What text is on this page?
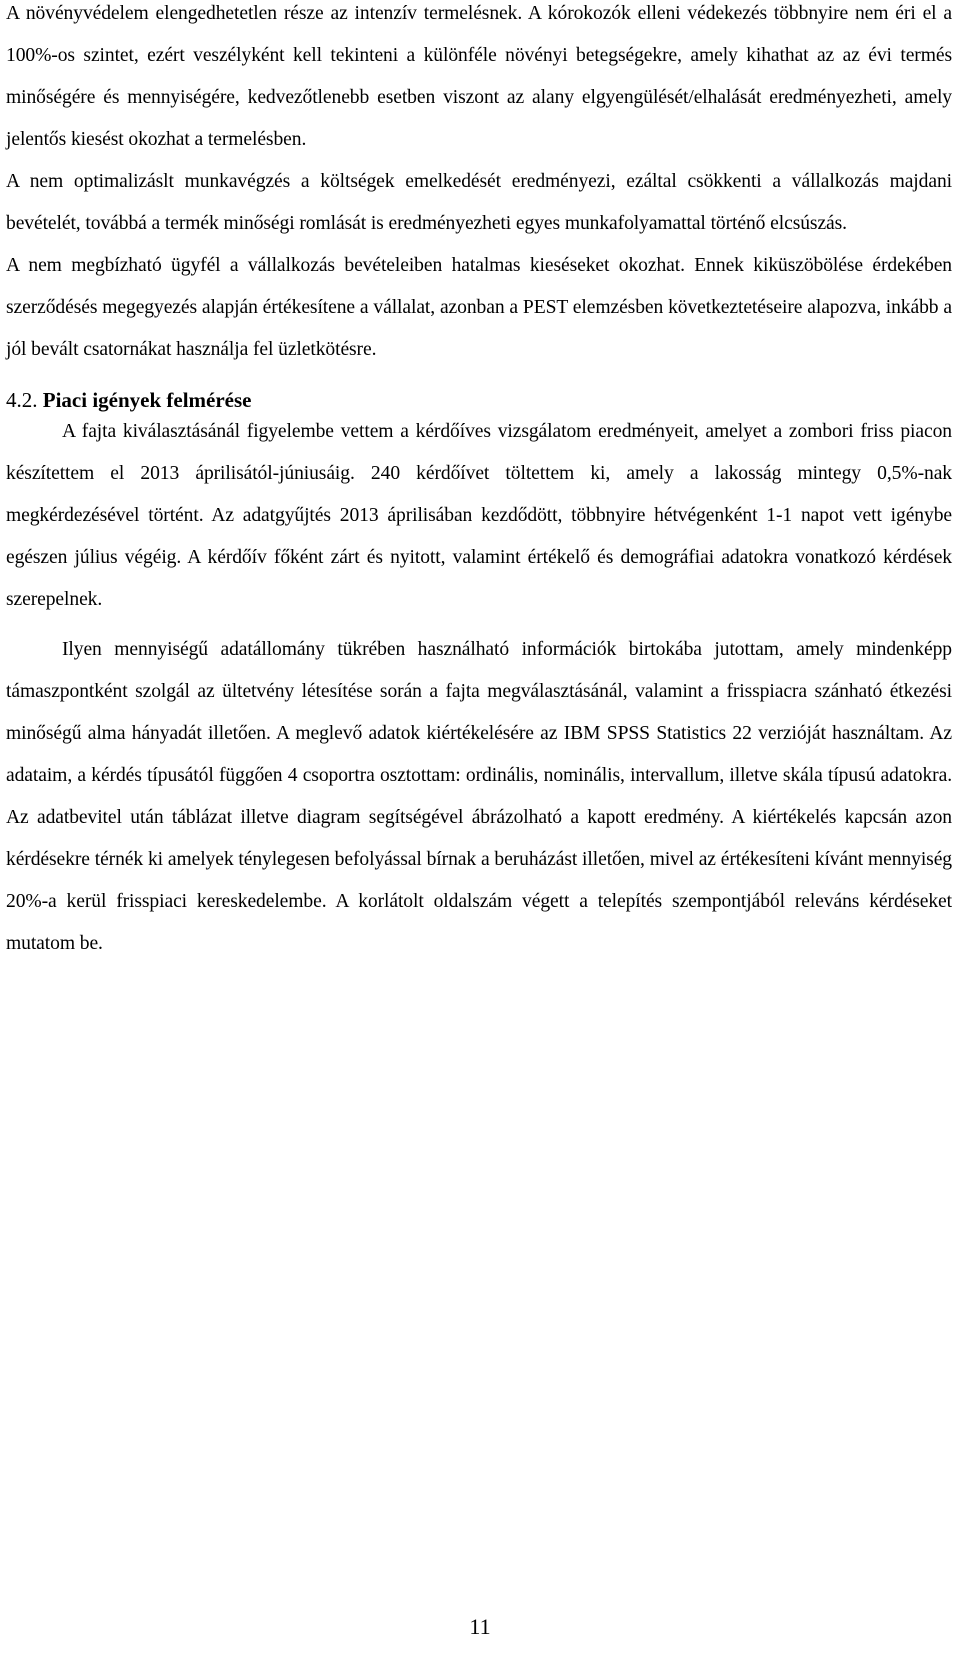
A növényvédelem elengedhetetlen része az intenzív termelésnek. A kórokozók elleni védekezés többnyire nem éri el a 100%-os szintet, ezért veszélyként kell tekinteni a különféle növényi betegségekre, amely kihathat az az évi termés minőségére és mennyiségére, kedvezőtlenebb esetben viszont az alany elgyengülését/elhalását eredményezheti, amely jelentős kiesést okozhat a termelésben.

A nem optimalizáslt munkavégzés a költségek emelkedését eredményezi, ezáltal csökkenti a vállalkozás majdani bevételét, továbbá a termék minőségi romlását is eredményezheti egyes munkafolyamattal történő elcsúszás.

A nem megbízható ügyfél a vállalkozás bevételeiben hatalmas kieséseket okozhat. Ennek kiküszöbölése érdekében szerződésés megegyezés alapján értékesítene a vállalat, azonban a PEST elemzésben következtetéseire alapozva, inkább a jól bevált csatornákat használja fel üzletkötésre.

4.2. Piaci igények felmérése

A fajta kiválasztásánál figyelembe vettem a kérdőíves vizsgálatom eredményeit, amelyet a zombori friss piacon készítettem el 2013 áprilisától-júniusáig. 240 kérdőívet töltettem ki, amely a lakosság mintegy 0,5%-nak megkérdezésével történt. Az adatgyűjtés 2013 áprilisában kezdődött, többnyire hétvégenként 1-1 napot vett igénybe egészen július végéig. A kérdőív főként zárt és nyitott, valamint értékelő és demográfiai adatokra vonatkozó kérdések szerepelnek.

Ilyen mennyiségű adatállomány tükrében használható információk birtokába jutottam, amely mindenképp támaszpontként szolgál az ültetvény létesítése során a fajta megválasztásánál, valamint a frisspiacra szánható étkezési minőségű alma hányadát illetően. A meglevő adatok kiértékelésére az IBM SPSS Statistics 22 verzióját használtam. Az adataim, a kérdés típusától függően 4 csoportra osztottam: ordinális, nominális, intervallum, illetve skála típusú adatokra. Az adatbevitel után táblázat illetve diagram segítségével ábrázolható a kapott eredmény. A kiértékelés kapcsán azon kérdésekre térnék ki amelyek ténylegesen befolyással bírnak a beruházást illetően, mivel az értékesíteni kívánt mennyiség 20%-a kerül frisspiaci kereskedelembe. A korlátolt oldalszám végett a telepítés szempontjából releváns kérdéseket mutatom be.

11
